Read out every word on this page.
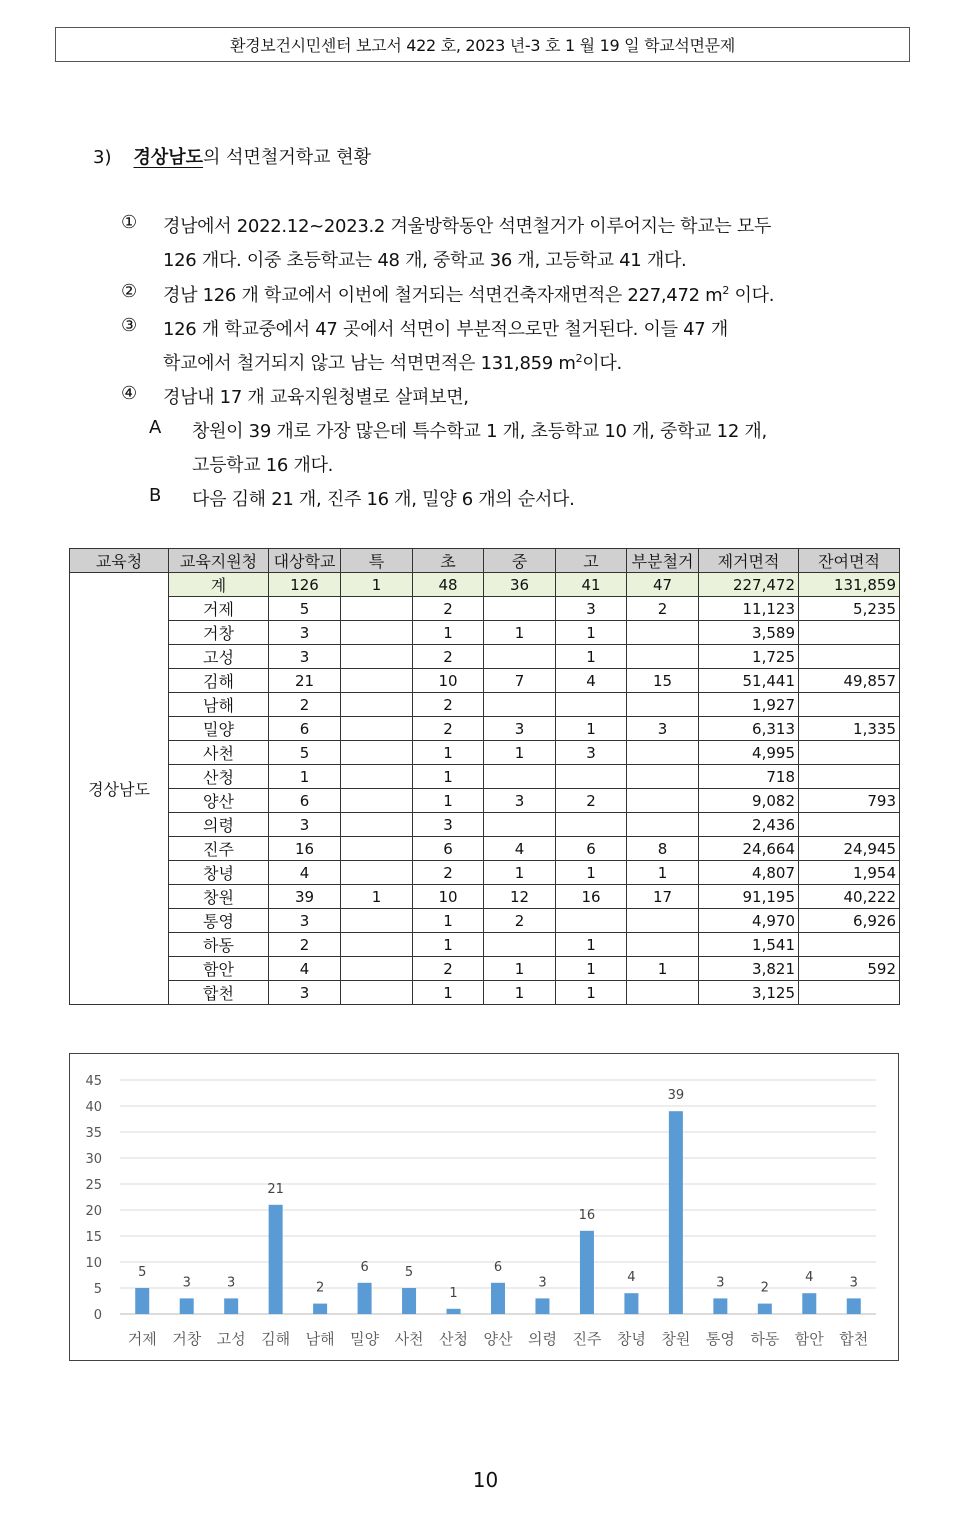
환경보건시민센터 보고서 422 호, 2023 년-3 호 1 월 19 일 학교석면문제
3) 경상남도의 석면철거학교 현황
① 경남에서 2022.12~2023.2 겨울방학동안 석면철거가 이루어지는 학교는 모두
126 개다. 이중 초등학교는 48 개, 중학교 36 개, 고등학교 41 개다.
② 경남 126 개 학교에서 이번에 철거되는 석면건축자재면적은 227,472 $m^2$ 이다.
③ 126 개 학교중에서 47 곳에서 석면이 부분적으로만 철거된다. 이들 47 개
학교에서 철거되지 않고 남는 석면면적은 131,859 $m^2$이다.
④ 경남내 17 개 교육지원청별로 살펴보면,
A 창원이 39 개로 가장 많은데 특수학교 1 개, 초등학교 10 개, 중학교 12 개,
고등학교 16 개다.
B 다음 김해 21 개, 진주 16 개, 밀양 6 개의 순서다.
교육청	교육지원청	대상학교	특	초	중	고	부분철거	제거면적	잔여면적
경상남도	계	126	1	48	36	41	47	227,472	131,859
	거제	5		2		3	2	11,123	5,235
	거창	3		1	1	1		3,589	
	고성	3		2		1		1,725	
	김해	21		10	7	4	15	51,441	49,857
	남해	2		2				1,927	
	밀양	6		2	3	1	3	6,313	1,335
	사천	5		1	1	3		4,995	
	산청	1		1				718	
	양산	6		1	3	2		9,082	793
	의령	3		3				2,436	
	진주	16		6	4	6	8	24,664	24,945
	창녕	4		2	1	1	1	4,807	1,954
	창원	39	1	10	12	16	17	91,195	40,222
	통영	3		1	2			4,970	6,926
	하동	2		1		1		1,541	
	함안	4		2	1	1	1	3,821	592
	합천	3		1	1	1		3,125	
0
5
10
15
20
25
30
35
40
45
5
거제
3
거창
3
고성
21
김해
2
남해
6
밀양
5
사천
1
산청
6
양산
3
의령
16
진주
4
창녕
39
창원
3
통영
2
하동
4
함안
3
합천
10
